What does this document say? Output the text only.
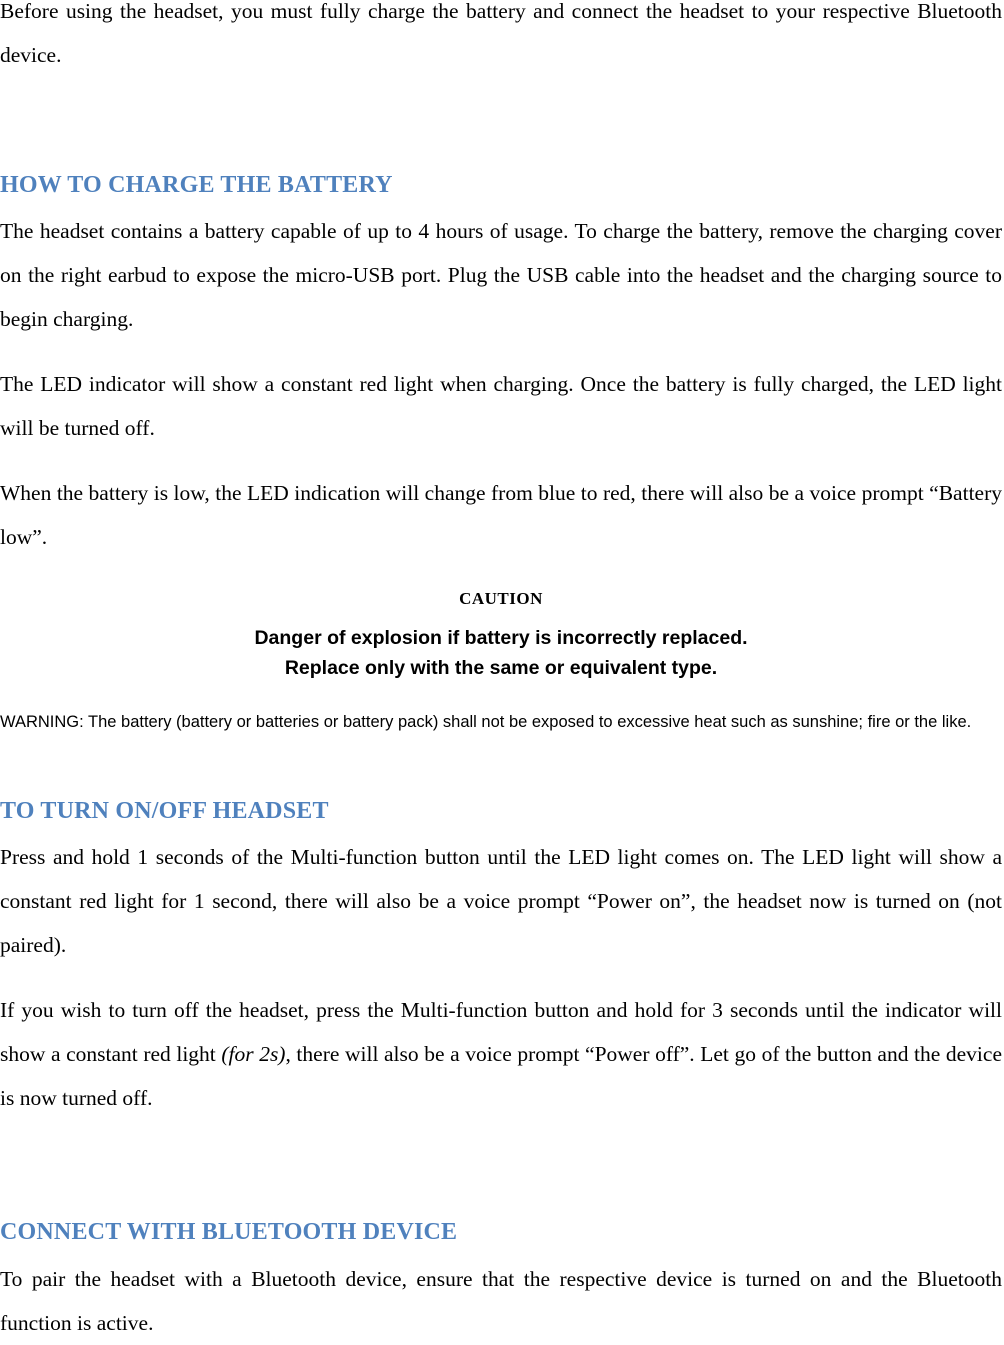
Before using the headset, you must fully charge the battery and connect the headset to your respective Bluetooth device.

HOW TO CHARGE THE BATTERY

The headset contains a battery capable of up to 4 hours of usage. To charge the battery, remove the charging cover on the right earbud to expose the micro-USB port. Plug the USB cable into the headset and the charging source to begin charging.

The LED indicator will show a constant red light when charging. Once the battery is fully charged, the LED light will be turned off.

When the battery is low, the LED indication will change from blue to red, there will also be a voice prompt “Battery low”.

CAUTION
Danger of explosion if battery is incorrectly replaced.
Replace only with the same or equivalent type.

WARNING: The battery (battery or batteries or battery pack) shall not be exposed to excessive heat such as sunshine; fire or the like.

TO TURN ON/OFF HEADSET

Press and hold 1 seconds of the Multi-function button until the LED light comes on. The LED light will show a constant red light for 1 second, there will also be a voice prompt “Power on”, the headset now is turned on (not paired).

If you wish to turn off the headset, press the Multi-function button and hold for 3 seconds until the indicator will show a constant red light (for 2s), there will also be a voice prompt “Power off”. Let go of the button and the device is now turned off.

CONNECT WITH BLUETOOTH DEVICE

To pair the headset with a Bluetooth device, ensure that the respective device is turned on and the Bluetooth function is active.
